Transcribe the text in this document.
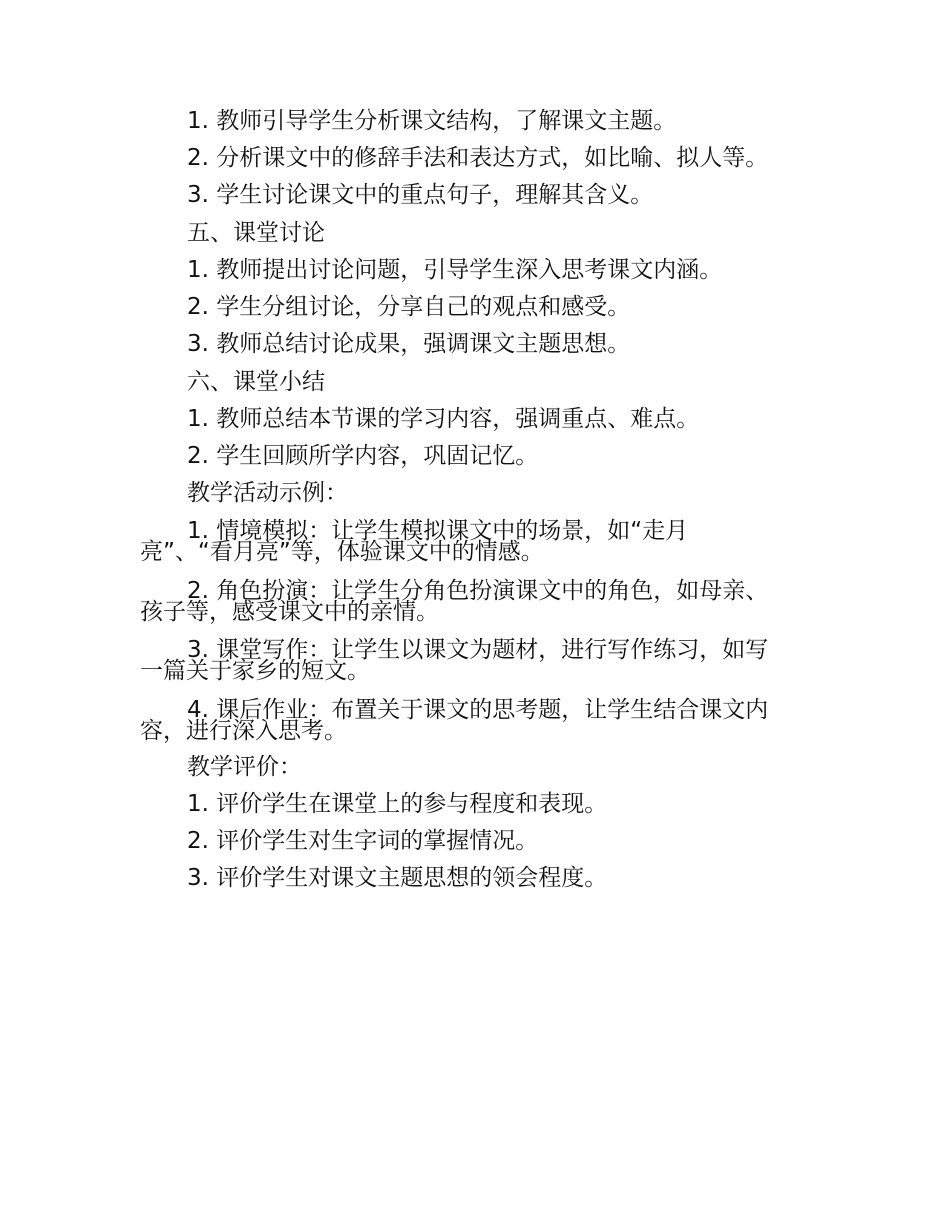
1. 教师引导学生分析课文结构，了解课文主题。
2. 分析课文中的修辞手法和表达方式，如比喻、拟人等。
3. 学生讨论课文中的重点句子，理解其含义。
五、课堂讨论
1. 教师提出讨论问题，引导学生深入思考课文内涵。
2. 学生分组讨论，分享自己的观点和感受。
3. 教师总结讨论成果，强调课文主题思想。
六、课堂小结
1. 教师总结本节课的学习内容，强调重点、难点。
2. 学生回顾所学内容，巩固记忆。
教学活动示例：
1. 情境模拟：让学生模拟课文中的场景，如“走月
亮”、“看月亮”等，体验课文中的情感。
2. 角色扮演：让学生分角色扮演课文中的角色，如母亲、
孩子等，感受课文中的亲情。
3. 课堂写作：让学生以课文为题材，进行写作练习，如写
一篇关于家乡的短文。
4. 课后作业：布置关于课文的思考题，让学生结合课文内
容，进行深入思考。
教学评价：
1. 评价学生在课堂上的参与程度和表现。
2. 评价学生对生字词的掌握情况。
3. 评价学生对课文主题思想的领会程度。
